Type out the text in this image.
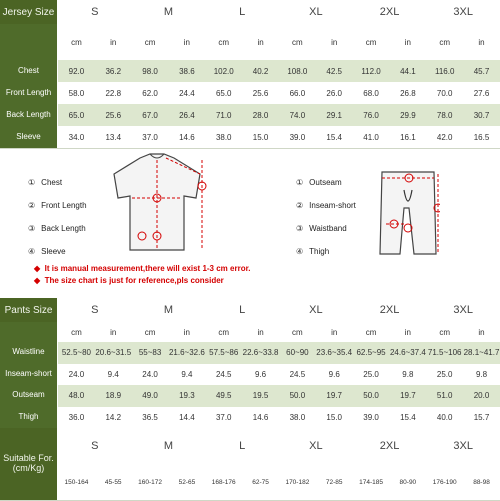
Jersey Size	S	M	L	XL	2XL	3XL
cm	in	cm	in	cm	in	cm	in	cm	in	cm	in
Chest	92.0	36.2	98.0	38.6	102.0	40.2	108.0	42.5	112.0	44.1	116.0	45.7
Front Length	58.0	22.8	62.0	24.4	65.0	25.6	66.0	26.0	68.0	26.8	70.0	27.6
Back Length	65.0	25.6	67.0	26.4	71.0	28.0	74.0	29.1	76.0	29.9	78.0	30.7
Sleeve	34.0	13.4	37.0	14.6	38.0	15.0	39.0	15.4	41.0	16.1	42.0	16.5
① Chest
② Front Length
③ Back Length
④ Sleeve
① Outseam
② Inseam-short
③ Waistband
④ Thigh
◆ It is manual measurement,there will exist 1-3 cm error.
◆ The size chart is just for reference,pls consider
Pants Size	S	M	L	XL	2XL	3XL
cm	in	cm	in	cm	in	cm	in	cm	in	cm	in
Waistline	52.5~80 20.6~31.5 55~83 21.6~32.6 57.5~86 22.6~33.8 60~90 23.6~35.4 62.5~95 24.6~37.4 71.5~106 28.1~41.7
Inseam-short	24.0	9.4	24.0	9.4	24.5	9.6	24.5	9.6	25.0	9.8	25.0	9.8
Outseam	48.0	18.9	49.0	19.3	49.5	19.5	50.0	19.7	50.0	19.7	51.0	20.0
Thigh	36.0	14.2	36.5	14.4	37.0	14.6	38.0	15.0	39.0	15.4	40.0	15.7
Suitable For.(cm/Kg)
S	M	L	XL	2XL	3XL
150-164	45-55	160-172	52-65	168-176	62-75	170-182	72-85	174-185	80-90	176-190	88-98
